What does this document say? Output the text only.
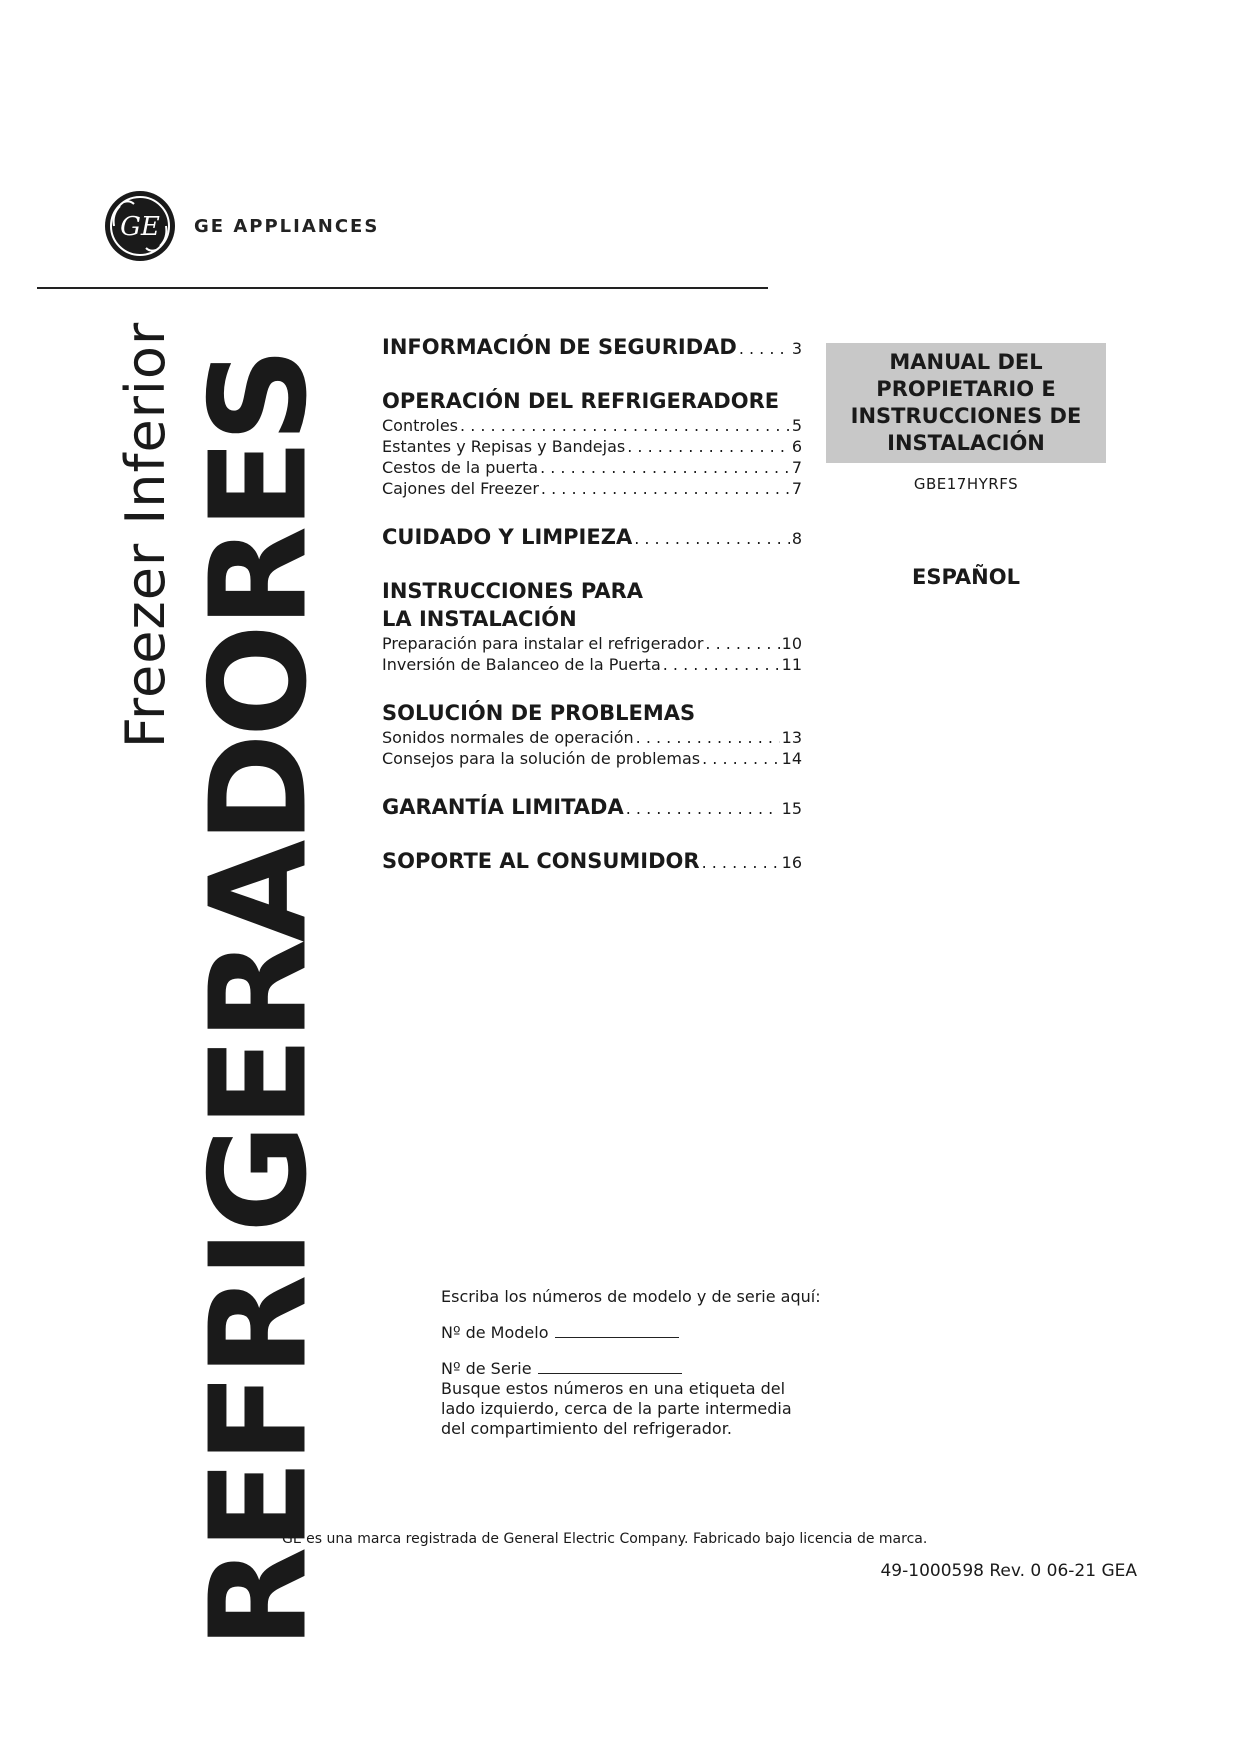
GE GE APPLIANCES
REFRIGERADORES
Freezer Inferior	INFORMACIÓN DE SEGURIDAD . . .	3
OPERACIÓN DEL REFRIGERADORE
Controles . . .	5
Estantes y Repisas y Bandejas . . .	6
Cestos de la puerta . . .	7
Cajones del Freezer . . .	7
CUIDADO Y LIMPIEZA . . .	8
INSTRUCCIONES PARA
LA INSTALACIÓN
Preparación para instalar el refrigerador . . .	10
Inversión de Balanceo de la Puerta . . .	11
SOLUCIÓN DE PROBLEMAS
Sonidos normales de operación . . .	13
Consejos para la solución de problemas . . .	14
GARANTÍA LIMITADA . . .	15
SOPORTE AL CONSUMIDOR . . .	16
MANUAL DEL
PROPIETARIO E
INSTRUCCIONES DE
INSTALACIÓN
GBE17HYRFS
ESPAÑOL

Escriba los números de modelo y de serie aquí:

Nº de Modelo
Nº de Serie

Busque estos números en una etiqueta del lado izquierdo, cerca de la parte intermedia del compartimiento del refrigerador.

GE es una marca registrada de General Electric Company. Fabricado bajo licencia de marca.
49-1000598 Rev. 0 06-21 GEA
